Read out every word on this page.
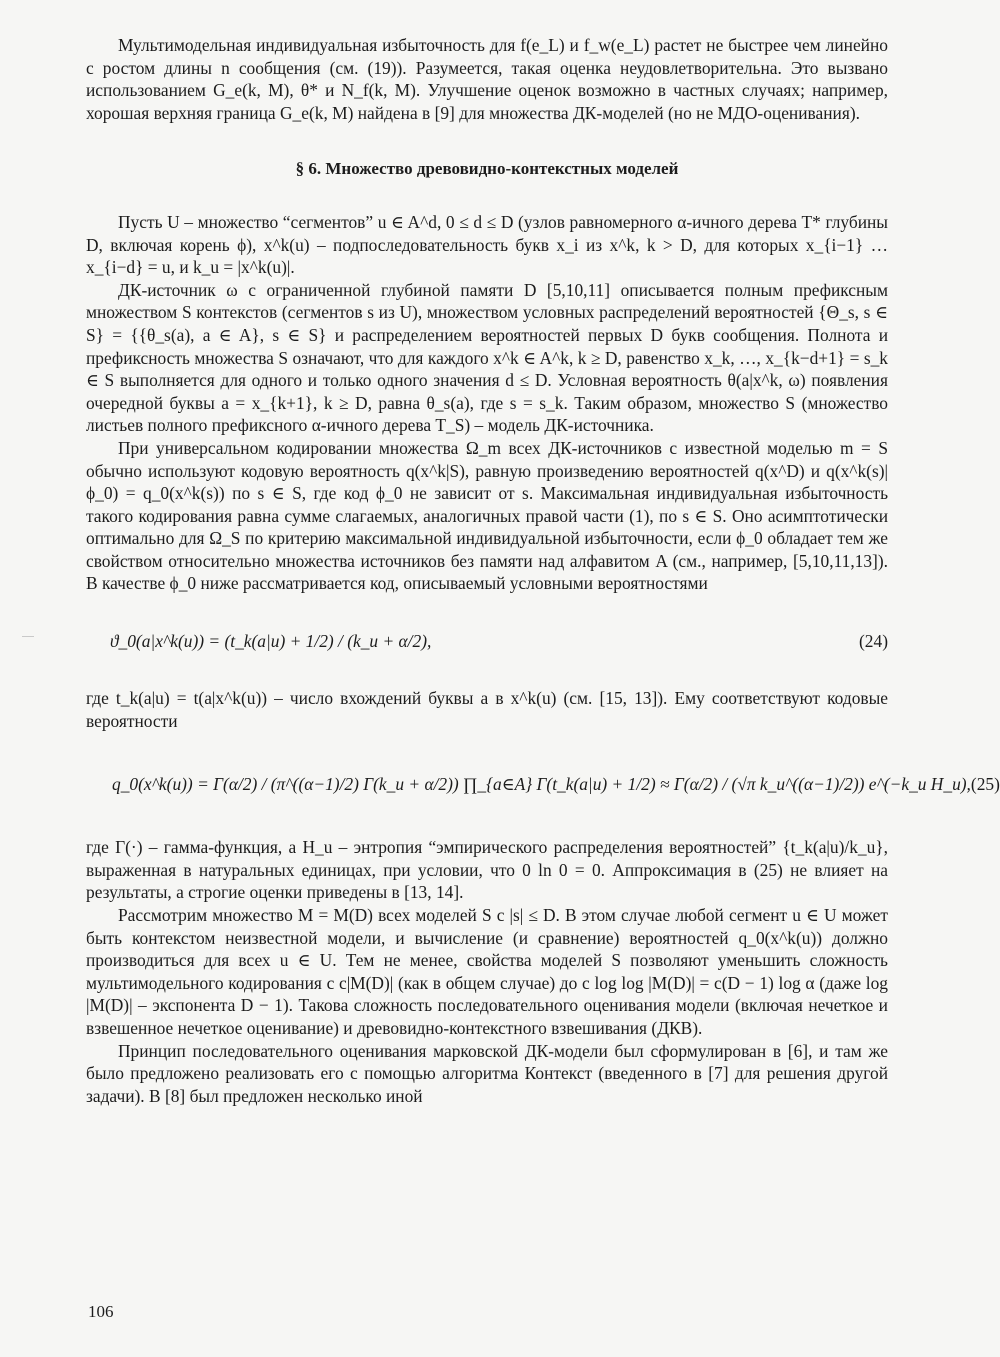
Мультимодельная индивидуальная избыточность для f(e_L) и f_w(e_L) растет не быстрее чем линейно с ростом длины n сообщения (см. (19)). Разумеется, такая оценка неудовлетворительна. Это вызвано использованием G_e(k, M), θ* и N_f(k, M). Улучшение оценок возможно в частных случаях; например, хорошая верхняя граница G_e(k, M) найдена в [9] для множества ДК-моделей (но не МДО-оценивания).

§ 6. Множество древовидно-контекстных моделей

Пусть U – множество “сегментов” u ∈ A^d, 0 ≤ d ≤ D (узлов равномерного α-ичного дерева T* глубины D, включая корень ϕ), x^k(u) – подпоследовательность букв x_i из x^k, k > D, для которых x_{i−1} … x_{i−d} = u, и k_u = |x^k(u)|.

ДК-источник ω с ограниченной глубиной памяти D [5,10,11] описывается полным префиксным множеством S контекстов (сегментов s из U), множеством условных распределений вероятностей {Θ_s, s ∈ S} = {{θ_s(a), a ∈ A}, s ∈ S} и распределением вероятностей первых D букв сообщения. Полнота и префиксность множества S означают, что для каждого x^k ∈ A^k, k ≥ D, равенство x_k, …, x_{k−d+1} = s_k ∈ S выполняется для одного и только одного значения d ≤ D. Условная вероятность θ(a|x^k, ω) появления очередной буквы a = x_{k+1}, k ≥ D, равна θ_s(a), где s = s_k. Таким образом, множество S (множество листьев полного префиксного α-ичного дерева T_S) – модель ДК-источника.

При универсальном кодировании множества Ω_m всех ДК-источников с известной моделью m = S обычно используют кодовую вероятность q(x^k|S), равную произведению вероятностей q(x^D) и q(x^k(s)|ϕ_0) = q_0(x^k(s)) по s ∈ S, где код ϕ_0 не зависит от s. Максимальная индивидуальная избыточность такого кодирования равна сумме слагаемых, аналогичных правой части (1), по s ∈ S. Оно асимптотически оптимально для Ω_S по критерию максимальной индивидуальной избыточности, если ϕ_0 обладает тем же свойством относительно множества источников без памяти над алфавитом A (см., например, [5,10,11,13]). В качестве ϕ_0 ниже рассматривается код, описываемый условными вероятностями

ϑ_0(a|x^k(u)) = (t_k(a|u) + 1/2) / (k_u + α/2),	(24)

где t_k(a|u) = t(a|x^k(u)) – число вхождений буквы a в x^k(u) (см. [15, 13]). Ему соответствуют кодовые вероятности

q_0(x^k(u)) = Γ(α/2) / (π^((α−1)/2) Γ(k_u + α/2)) ∏_{a∈A} Γ(t_k(a|u) + 1/2) ≈ Γ(α/2) / (√π k_u^((α−1)/2)) e^(−k_u H_u), (25)

где Γ(·) – гамма-функция, а H_u – энтропия “эмпирического распределения вероятностей” {t_k(a|u)/k_u}, выраженная в натуральных единицах, при условии, что 0 ln 0 = 0. Аппроксимация в (25) не влияет на результаты, а строгие оценки приведены в [13, 14].

Рассмотрим множество M = M(D) всех моделей S с |s| ≤ D. В этом случае любой сегмент u ∈ U может быть контекстом неизвестной модели, и вычисление (и сравнение) вероятностей q_0(x^k(u)) должно производиться для всех u ∈ U. Тем не менее, свойства моделей S позволяют уменьшить сложность мультимодельного кодирования с c|M(D)| (как в общем случае) до c log log |M(D)| = c(D − 1) log α (даже log |M(D)| – экспонента D − 1). Такова сложность последовательного оценивания модели (включая нечеткое и взвешенное нечеткое оценивание) и древовидно-контекстного взвешивания (ДКВ).

Принцип последовательного оценивания марковской ДК-модели был сформулирован в [6], и там же было предложено реализовать его с помощью алгоритма Контекст (введенного в [7] для решения другой задачи). В [8] был предложен несколько иной

106
